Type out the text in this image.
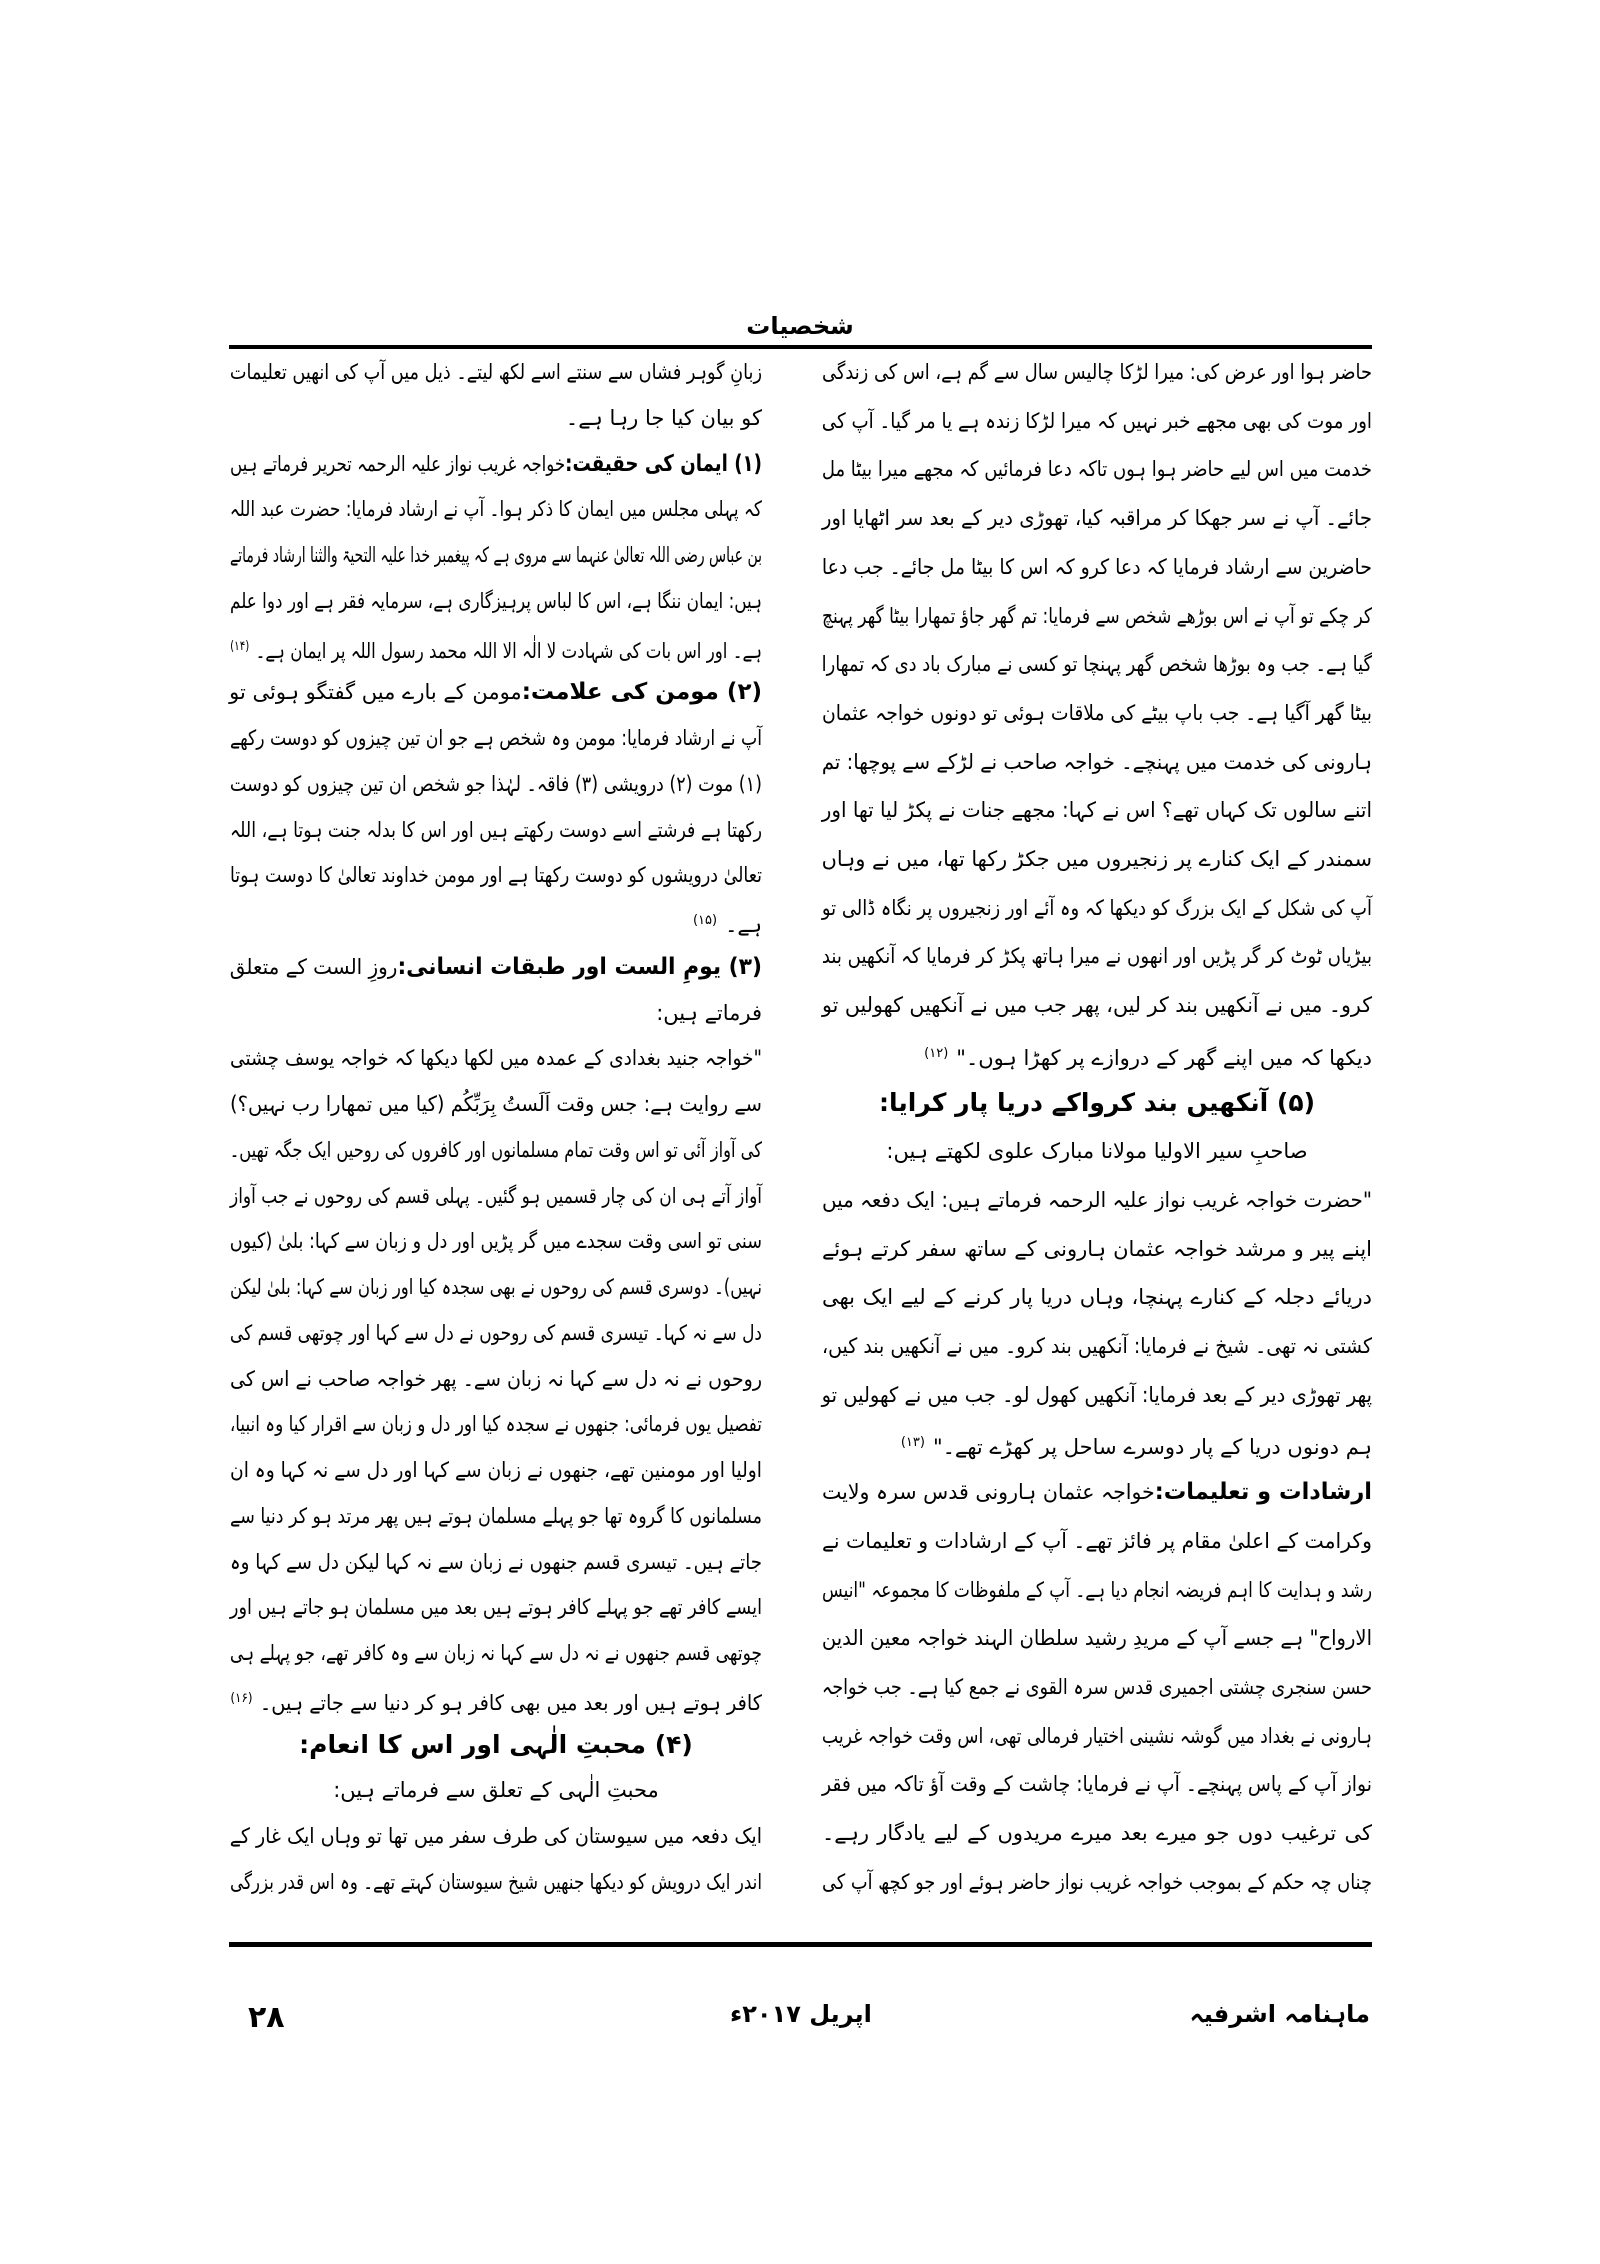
شخصیات
حاضر ہوا اور عرض کی: میرا لڑکا چالیس سال سے گم ہے، اس کی زندگی
اور موت کی بھی مجھے خبر نہیں کہ میرا لڑکا زندہ ہے یا مر گیا۔ آپ کی
خدمت میں اس لیے حاضر ہوا ہوں تاکہ دعا فرمائیں کہ مجھے میرا بیٹا مل
جائے۔ آپ نے سر جھکا کر مراقبہ کیا، تھوڑی دیر کے بعد سر اٹھایا اور
حاضرین سے ارشاد فرمایا کہ دعا کرو کہ اس کا بیٹا مل جائے۔ جب دعا
کر چکے تو آپ نے اس بوڑھے شخص سے فرمایا: تم گھر جاؤ تمھارا بیٹا گھر پہنچ
گیا ہے۔ جب وہ بوڑھا شخص گھر پہنچا تو کسی نے مبارک باد دی کہ تمھارا
بیٹا گھر آگیا ہے۔ جب باپ بیٹے کی ملاقات ہوئی تو دونوں خواجہ عثمان
ہارونی کی خدمت میں پہنچے۔ خواجہ صاحب نے لڑکے سے پوچھا: تم
اتنے سالوں تک کہاں تھے؟ اس نے کہا: مجھے جنات نے پکڑ لیا تھا اور
سمندر کے ایک کنارے پر زنجیروں میں جکڑ رکھا تھا، میں نے وہاں
آپ کی شکل کے ایک بزرگ کو دیکھا کہ وہ آئے اور زنجیروں پر نگاہ ڈالی تو
بیڑیاں ٹوٹ کر گر پڑیں اور انھوں نے میرا ہاتھ پکڑ کر فرمایا کہ آنکھیں بند
کرو۔ میں نے آنکھیں بند کر لیں، پھر جب میں نے آنکھیں کھولیں تو
دیکھا کہ میں اپنے گھر کے دروازے پر کھڑا ہوں۔"$^{(۱۲)}$
(۵) آنکھیں بند کرواکے دریا پار کرایا:
صاحبِ سیر الاولیا مولانا مبارک علوی لکھتے ہیں:
"حضرت خواجہ غریب نواز علیہ الرحمہ فرماتے ہیں: ایک دفعہ میں
اپنے پیر و مرشد خواجہ عثمان ہارونی کے ساتھ سفر کرتے ہوئے
دریائے دجلہ کے کنارے پہنچا، وہاں دریا پار کرنے کے لیے ایک بھی
کشتی نہ تھی۔ شیخ نے فرمایا: آنکھیں بند کرو۔ میں نے آنکھیں بند کیں،
پھر تھوڑی دیر کے بعد فرمایا: آنکھیں کھول لو۔ جب میں نے کھولیں تو
ہم دونوں دریا کے پار دوسرے ساحل پر کھڑے تھے۔"$^{(۱۳)}$
ارشادات و تعلیمات:خواجہ عثمان ہارونی قدس سرہ ولایت
وکرامت کے اعلیٰ مقام پر فائز تھے۔ آپ کے ارشادات و تعلیمات نے
رشد و ہدایت کا اہم فریضہ انجام دیا ہے۔ آپ کے ملفوظات کا مجموعہ "انیس
الارواح" ہے جسے آپ کے مریدِ رشید سلطان الہند خواجہ معین الدین
حسن سنجری چشتی اجمیری قدس سرہ القوی نے جمع کیا ہے۔ جب خواجہ
ہارونی نے بغداد میں گوشہ نشینی اختیار فرمالی تھی، اس وقت خواجہ غریب
نواز آپ کے پاس پہنچے۔ آپ نے فرمایا: چاشت کے وقت آؤ تاکہ میں فقر
کی ترغیب دوں جو میرے بعد میرے مریدوں کے لیے یادگار رہے۔
چناں چہ حکم کے بموجب خواجہ غریب نواز حاضر ہوئے اور جو کچھ آپ کی
زبانِ گوہر فشاں سے سنتے اسے لکھ لیتے۔ ذیل میں آپ کی انھیں تعلیمات
کو بیان کیا جا رہا ہے۔
(۱) ایمان کی حقیقت:خواجہ غریب نواز علیہ الرحمہ تحریر فرماتے ہیں
کہ پہلی مجلس میں ایمان کا ذکر ہوا۔ آپ نے ارشاد فرمایا: حضرت عبد اللہ
بن عباس رضی اللہ تعالیٰ عنہما سے مروی ہے کہ پیغمبر خدا علیہ التحیۃ والثنا ارشاد فرماتے
ہیں: ایمان ننگا ہے، اس کا لباس پرہیزگاری ہے، سرمایہ فقر ہے اور دوا علم
ہے۔ اور اس بات کی شہادت لا الٰہ الا اللہ محمد رسول اللہ پر ایمان ہے۔$^{(۱۴)}$
(۲) مومن کی علامت:مومن کے بارے میں گفتگو ہوئی تو
آپ نے ارشاد فرمایا: مومن وہ شخص ہے جو ان تین چیزوں کو دوست رکھے
(۱) موت (۲) درویشی (۳) فاقہ۔ لہٰذا جو شخص ان تین چیزوں کو دوست
رکھتا ہے فرشتے اسے دوست رکھتے ہیں اور اس کا بدلہ جنت ہوتا ہے، اللہ
تعالیٰ درویشوں کو دوست رکھتا ہے اور مومن خداوند تعالیٰ کا دوست ہوتا
ہے۔$^{(۱۵)}$
(۳) یومِ الست اور طبقات انسانی:روزِ الست کے متعلق
فرماتے ہیں:
"خواجہ جنید بغدادی کے عمدہ میں لکھا دیکھا کہ خواجہ یوسف چشتی
سے روایت ہے: جس وقت اَلَستُ بِرَبِّکُم (کیا میں تمھارا رب نہیں؟)
کی آواز آئی تو اس وقت تمام مسلمانوں اور کافروں کی روحیں ایک جگہ تھیں۔
آواز آتے ہی ان کی چار قسمیں ہو گئیں۔ پہلی قسم کی روحوں نے جب آواز
سنی تو اسی وقت سجدے میں گر پڑیں اور دل و زبان سے کہا: بلیٰ (کیوں
نہیں)۔ دوسری قسم کی روحوں نے بھی سجدہ کیا اور زبان سے کہا: بلیٰ لیکن
دل سے نہ کہا۔ تیسری قسم کی روحوں نے دل سے کہا اور چوتھی قسم کی
روحوں نے نہ دل سے کہا نہ زبان سے۔ پھر خواجہ صاحب نے اس کی
تفصیل یوں فرمائی: جنھوں نے سجدہ کیا اور دل و زبان سے اقرار کیا وہ انبیا،
اولیا اور مومنین تھے، جنھوں نے زبان سے کہا اور دل سے نہ کہا وہ ان
مسلمانوں کا گروہ تھا جو پہلے مسلمان ہوتے ہیں پھر مرتد ہو کر دنیا سے
جاتے ہیں۔ تیسری قسم جنھوں نے زبان سے نہ کہا لیکن دل سے کہا وہ
ایسے کافر تھے جو پہلے کافر ہوتے ہیں بعد میں مسلمان ہو جاتے ہیں اور
چوتھی قسم جنھوں نے نہ دل سے کہا نہ زبان سے وہ کافر تھے، جو پہلے ہی
کافر ہوتے ہیں اور بعد میں بھی کافر ہو کر دنیا سے جاتے ہیں۔$^{(۱۶)}$
(۴) محبتِ الٰہی اور اس کا انعام:
محبتِ الٰہی کے تعلق سے فرماتے ہیں:
ایک دفعہ میں سیوستان کی طرف سفر میں تھا تو وہاں ایک غار کے
اندر ایک درویش کو دیکھا جنھیں شیخ سیوستان کہتے تھے۔ وہ اس قدر بزرگی
ماہنامہ اشرفیہ
اپریل ۲۰۱۷ء
۲۸
